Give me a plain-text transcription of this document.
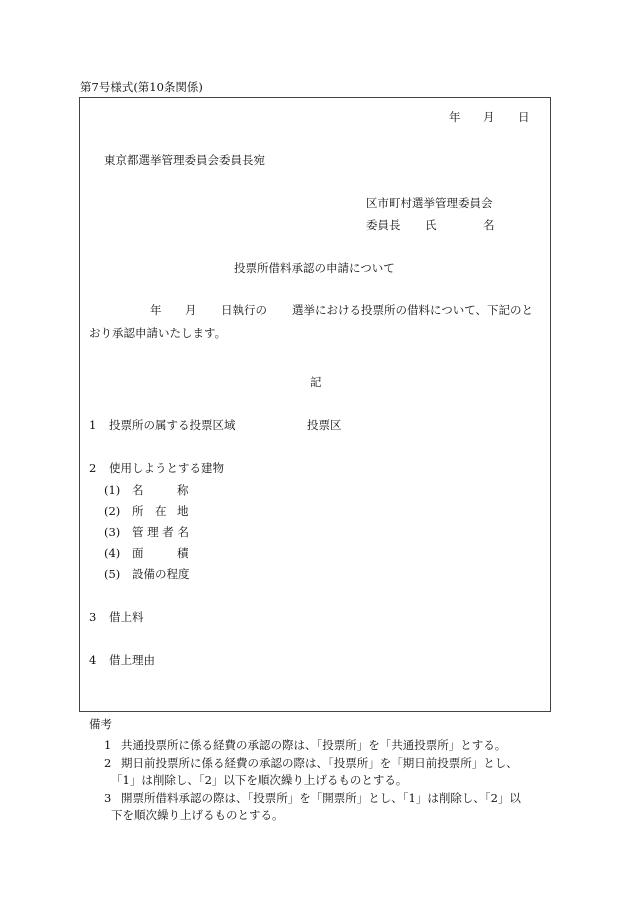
第7号様式(第10条関係)
年 月 日
東京都選挙管理委員会委員長宛
区市町村選挙管理委員会
委員長 氏	名
投票所借料承認の申請について
年 月 日執行の 選挙における投票所の借料について、下記のと
おり承認申請いたします。
記
1 投票所の属する投票区域	投票区
2 使用しようとする建物
(1) 名	称
(2) 所 在 地
(3) 管 理 者 名
(4) 面	積
(5) 設備の程度
3 借上料
4 借上理由
備考
1 共通投票所に係る経費の承認の際は、「投票所」を「共通投票所」とする。
2 期日前投票所に係る経費の承認の際は、「投票所」を「期日前投票所」とし、
「1」は削除し、「2」以下を順次繰り上げるものとする。
3 開票所借料承認の際は、「投票所」を「開票所」とし、「1」は削除し、「2」以
下を順次繰り上げるものとする。
